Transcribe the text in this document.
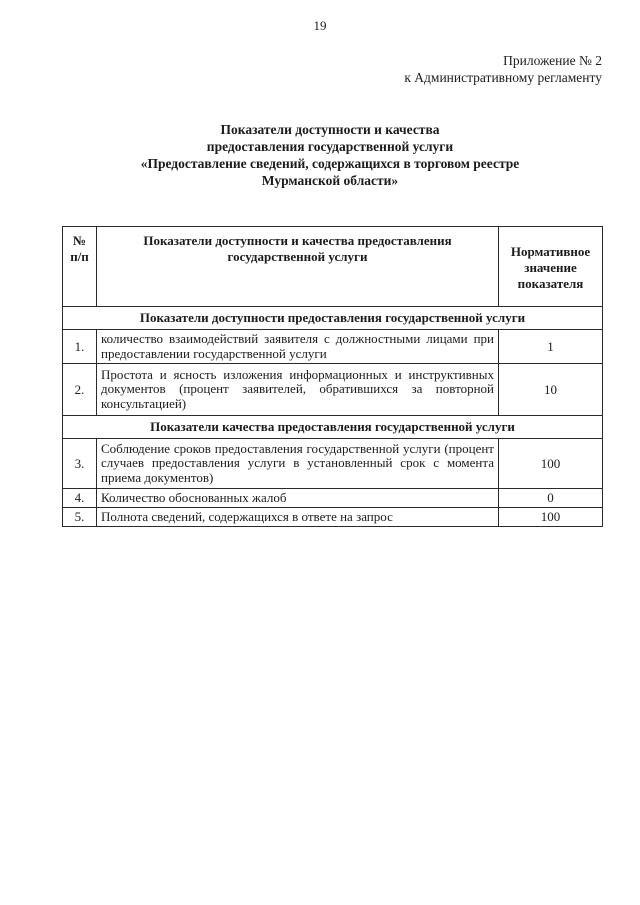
19
Приложение № 2
к Административному регламенту
Показатели доступности и качества
предоставления государственной услуги
«Предоставление сведений, содержащихся в торговом реестре
Мурманской области»
№ п/п	Показатели доступности и качества предоставления государственной услуги	Нормативное значение показателя
Показатели доступности предоставления государственной услуги		
1.	количество взаимодействий заявителя с должностными лицами при предоставлении государственной услуги	1
2.	Простота и ясность изложения информационных и инструктивных документов (процент заявителей, обратившихся за повторной консультацией)	10
Показатели качества предоставления государственной услуги		
3.	Соблюдение сроков предоставления государственной услуги (процент случаев предоставления услуги в установленный срок с момента приема документов)	100
4.	Количество обоснованных жалоб	0
5.	Полнота сведений, содержащихся в ответе на запрос	100
